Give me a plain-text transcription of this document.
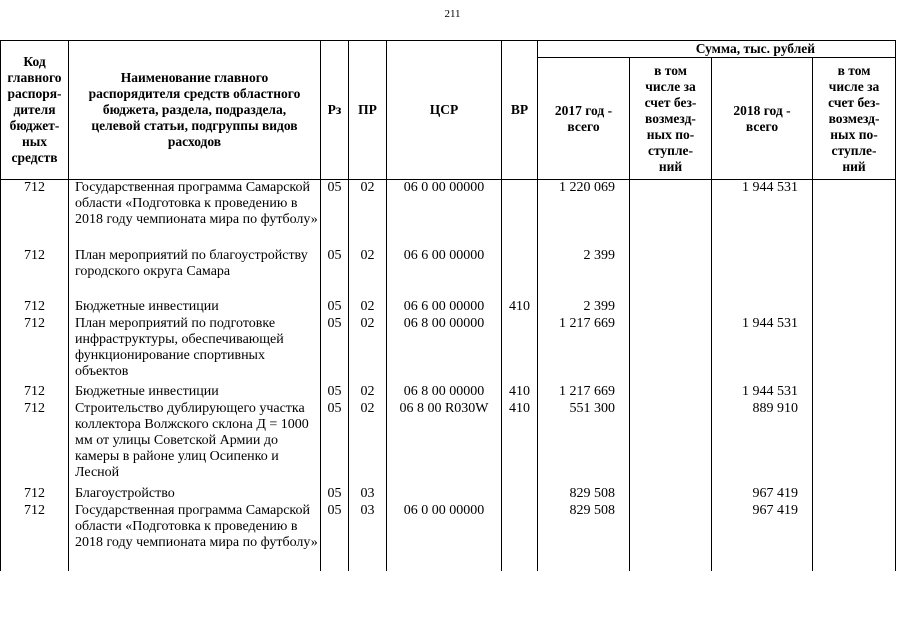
211
Код главного распоря-дителя бюджет-ных средств	Наименование главного распорядителя средств областного бюджета, раздела, подраздела, целевой статьи, подгруппы видов расходов	Рз	ПР	ЦСР	ВР	Сумма, тыс. рублей			
						2017 год - всего	в том числе за счет без-возмезд-ных по-ступле-ний	2018 год - всего	в том числе за счет без-возмезд-ных по-ступле-ний
712	Государственная программа Самарской области «Подготовка к проведению в 2018 году чемпионата мира по футболу»	05	02	06 0 00 00000		1 220 069		1 944 531	
712	План мероприятий по благоустройству городского округа Самара	05	02	06 6 00 00000		2 399			
712	Бюджетные инвестиции	05	02	06 6 00 00000	410	2 399			
712	План мероприятий по подготовке инфраструктуры, обеспечивающей функционирование спортивных объектов	05	02	06 8 00 00000		1 217 669		1 944 531	
712	Бюджетные инвестиции	05	02	06 8 00 00000	410	1 217 669		1 944 531	
712	Строительство дублирующего участка коллектора Волжского склона Д = 1000 мм от улицы Советской Армии до камеры в районе улиц Осипенко и Лесной	05	02	06 8 00 R030W	410	551 300		889 910	
712	Благоустройство	05	03			829 508		967 419	
712	Государственная программа Самарской области «Подготовка к проведению в 2018 году чемпионата мира по футболу»	05	03	06 0 00 00000		829 508		967 419	
